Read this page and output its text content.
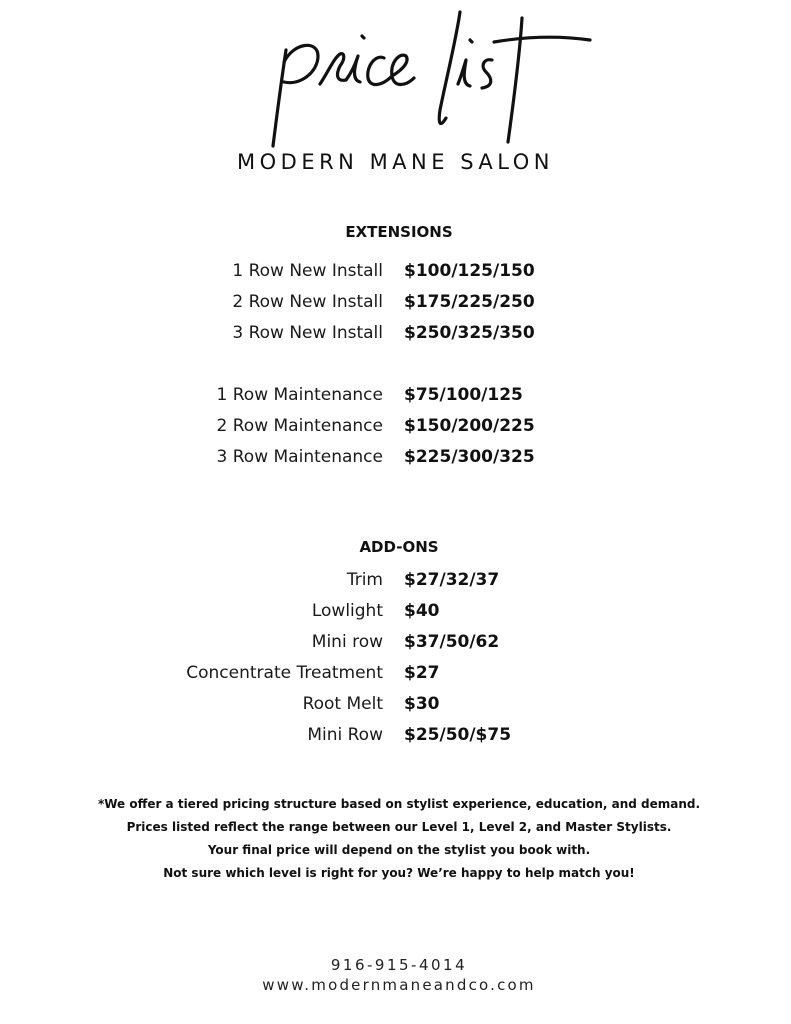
MODERN MANE SALON
EXTENSIONS
1 Row New Install $100/125/150
2 Row New Install $175/225/250
3 Row New Install $250/325/350
1 Row Maintenance $75/100/125
2 Row Maintenance $150/200/225
3 Row Maintenance $225/300/325
ADD-ONS
Trim $27/32/37
Lowlight $40
Mini row $37/50/62
Concentrate Treatment $27
Root Melt $30
Mini Row $25/50/$75
*We offer a tiered pricing structure based on stylist experience, education, and demand.
Prices listed reflect the range between our Level 1, Level 2, and Master Stylists.
Your final price will depend on the stylist you book with.
Not sure which level is right for you? We’re happy to help match you!
916-915-4014
www.modernmaneandco.com
